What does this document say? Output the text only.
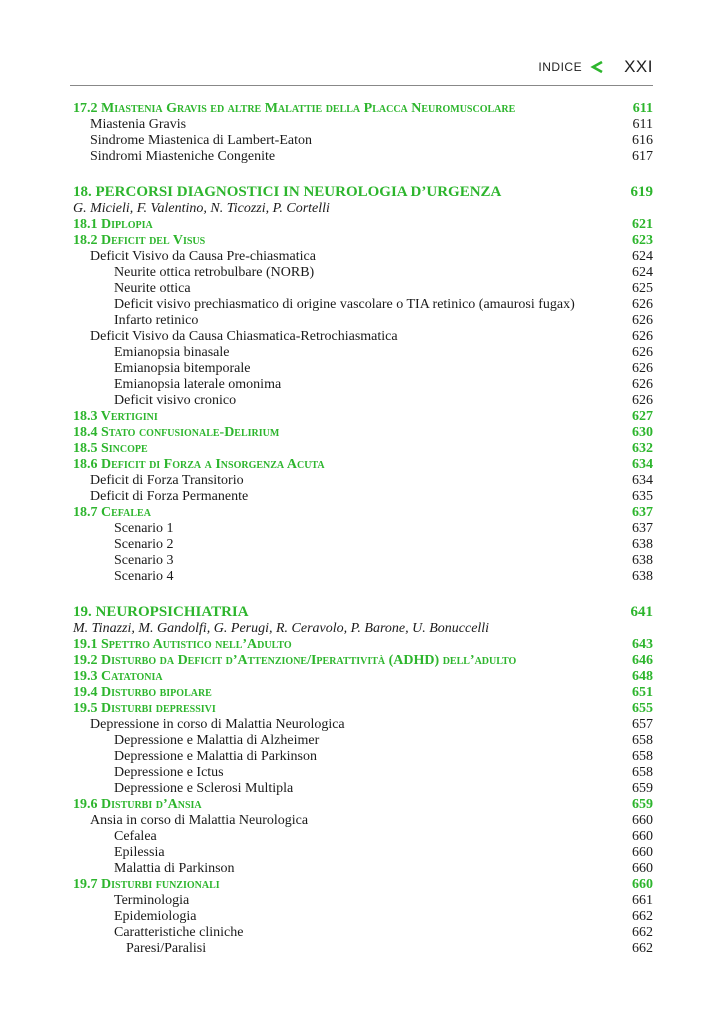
INDICE XXI
17.2 Miastenia Gravis ed altre Malattie della Placca Neuromuscolare	611
Miastenia Gravis	611
Sindrome Miastenica di Lambert-Eaton	616
Sindromi Miasteniche Congenite	617
18. PERCORSI DIAGNOSTICI IN NEUROLOGIA D’URGENZA	619
G. Micieli, F. Valentino, N. Ticozzi, P. Cortelli
18.1 Diplopia	621
18.2 Deficit del Visus	623
Deficit Visivo da Causa Pre-chiasmatica	624
Neurite ottica retrobulbare (NORB)	624
Neurite ottica	625
Deficit visivo prechiasmatico di origine vascolare o TIA retinico (amaurosi fugax)	626
Infarto retinico	626
Deficit Visivo da Causa Chiasmatica-Retrochiasmatica	626
Emianopsia binasale	626
Emianopsia bitemporale	626
Emianopsia laterale omonima	626
Deficit visivo cronico	626
18.3 Vertigini	627
18.4 Stato confusionale-Delirium	630
18.5 Sincope	632
18.6 Deficit di Forza a Insorgenza Acuta	634
Deficit di Forza Transitorio	634
Deficit di Forza Permanente	635
18.7 Cefalea	637
Scenario 1	637
Scenario 2	638
Scenario 3	638
Scenario 4	638
19. NEUROPSICHIATRIA	641
M. Tinazzi, M. Gandolfi, G. Perugi, R. Ceravolo, P. Barone, U. Bonuccelli
19.1 Spettro Autistico nell’Adulto	643
19.2 Disturbo da Deficit d’Attenzione/Iperattività (ADHD) dell’adulto	646
19.3 Catatonia	648
19.4 Disturbo bipolare	651
19.5 Disturbi depressivi	655
Depressione in corso di Malattia Neurologica	657
Depressione e Malattia di Alzheimer	658
Depressione e Malattia di Parkinson	658
Depressione e Ictus	658
Depressione e Sclerosi Multipla	659
19.6 Disturbi d’Ansia	659
Ansia in corso di Malattia Neurologica	660
Cefalea	660
Epilessia	660
Malattia di Parkinson	660
19.7 Disturbi funzionali	660
Terminologia	661
Epidemiologia	662
Caratteristiche cliniche	662
Paresi/Paralisi	662
